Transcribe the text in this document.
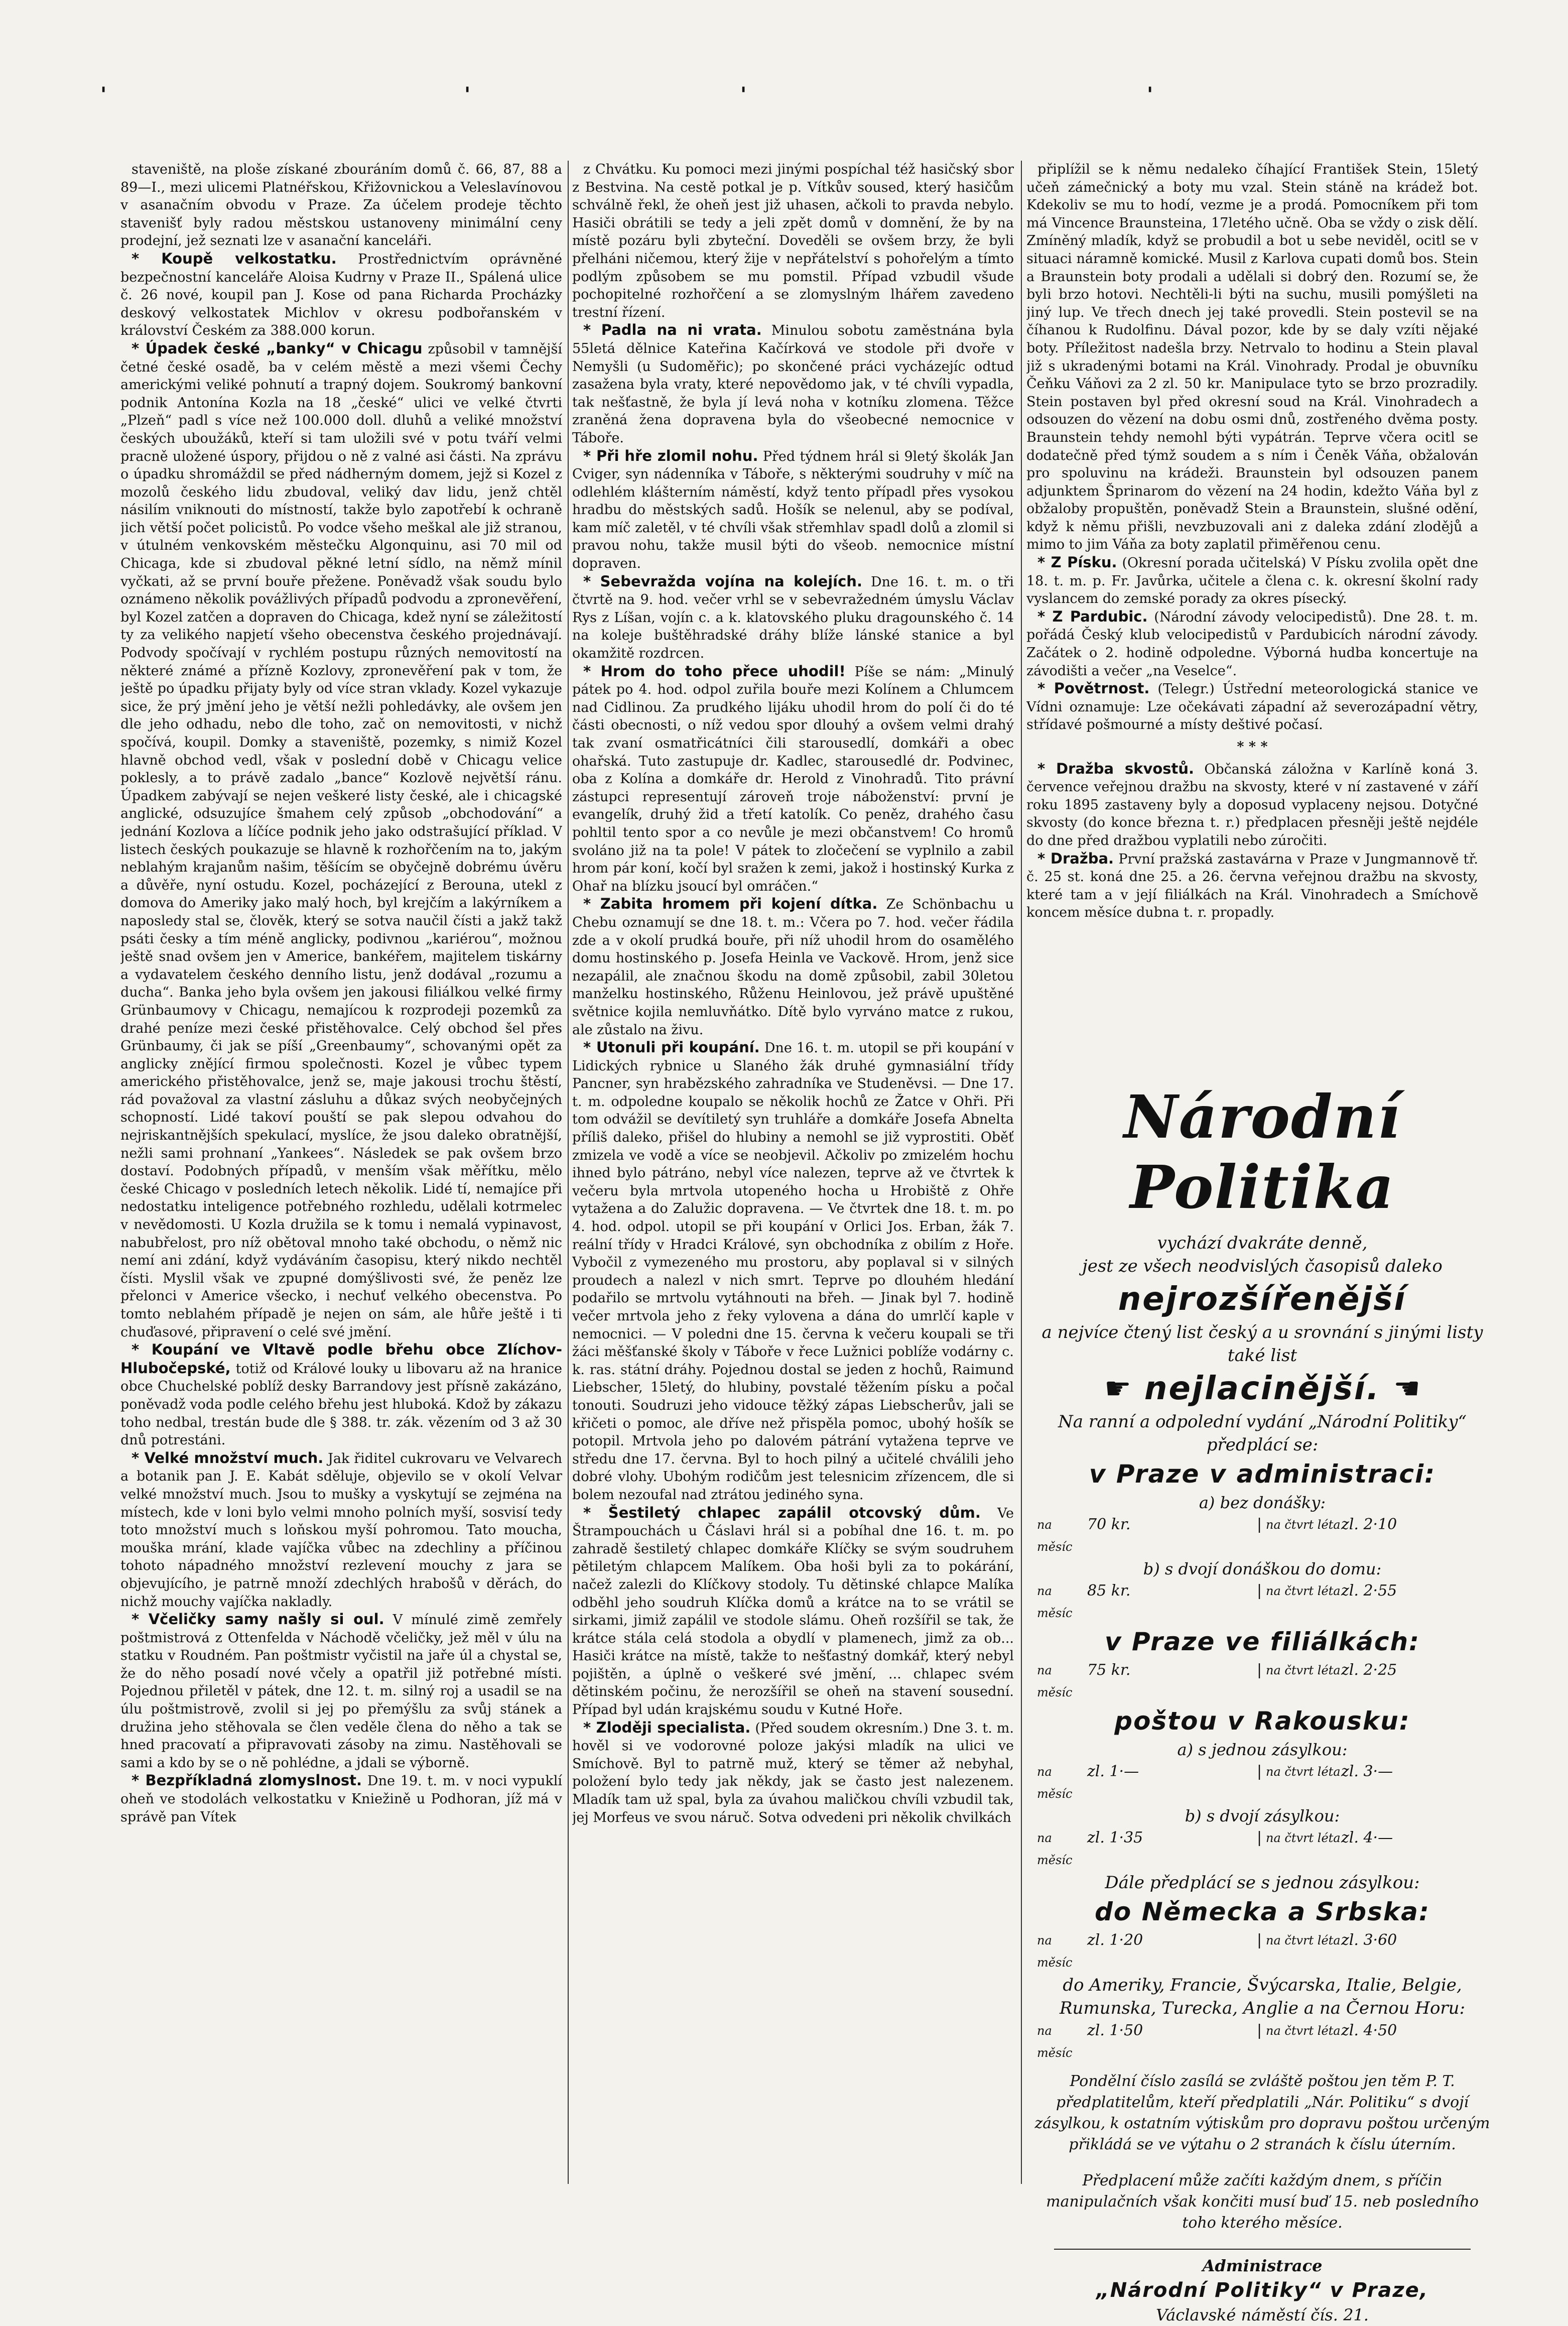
'	'	'	'

staveniště, na ploše získané zbouráním domů č. 66, 87, 88 a 89—I., mezi ulicemi Platnéřskou, Křižovnickou a Veleslavínovou v asanačním obvodu v Praze. Za účelem prodeje těchto stavenišť byly radou městskou ustanoveny minimální ceny prodejní, jež seznati lze v asanační kanceláři.

* Koupě velkostatku. Prostřednictvím oprávněné bezpečnostní kanceláře Aloisa Kudrny v Praze II., Spálená ulice č. 26 nové, koupil pan J. Kose od pana Richarda Procházky deskový velkostatek Michlov v okresu podbořanském v království Českém za 388.000 korun.

* Úpadek české „banky“ v Chicagu způsobil v tamnější četné české osadě, ba v celém městě a mezi všemi Čechy americkými veliké pohnutí a trapný dojem. Soukromý bankovní podnik Antonína Kozla na 18 „české“ ulici ve velké čtvrti „Plzeň“ padl s více než 100.000 doll. dluhů a veliké množství českých uboužáků, kteří si tam uložili své v potu tváří velmi pracně uložené úspory, přijdou o ně z valné asi části. Na zprávu o úpadku shromáždil se před nádherným domem, jejž si Kozel z mozolů českého lidu zbudoval, veliký dav lidu, jenž chtěl násilím vniknouti do místností, takže bylo zapotřebí k ochraně jich větší počet policistů. Po vodce všeho meškal ale již stranou, v útulném venkovském městečku Algonquinu, asi 70 mil od Chicaga, kde si zbudoval pěkné letní sídlo, na němž mínil vyčkati, až se první bouře přežene. Poněvadž však soudu bylo oznámeno několik povážlivých případů podvodu a zpronevěření, byl Kozel zatčen a dopraven do Chicaga, kdež nyní se záležitostí ty za velikého napjetí všeho obecenstva českého projednávají. Podvody spočívají v rychlém postupu různých nemovitostí na některé známé a přízně Kozlovy, zpronevěření pak v tom, že ještě po úpadku přijaty byly od více stran vklady. Kozel vykazuje sice, že prý jmění jeho je větší nežli pohledávky, ale ovšem jen dle jeho odhadu, nebo dle toho, zač on nemovitosti, v nichž spočívá, koupil. Domky a staveniště, pozemky, s nimiž Kozel hlavně obchod vedl, však v poslední době v Chicagu velice poklesly, a to právě zadalo „bance“ Kozlově největší ránu. Úpadkem zabývají se nejen veškeré listy české, ale i chicagské anglické, odsuzujíce šmahem celý způsob „obchodování“ a jednání Kozlova a líčíce podnik jeho jako odstrašující příklad. V listech českých poukazuje se hlavně k rozhořčením na to, jakým neblahým krajanům našim, těšícím se obyčejně dobrému úvěru a důvěře, nyní ostudu. Kozel, pocházející z Berouna, utekl z domova do Ameriky jako malý hoch, byl krejčím a lakýrníkem a naposledy stal se, člověk, který se sotva naučil čísti a jakž takž psáti česky a tím méně anglicky, podivnou „kariérou“, možnou ještě snad ovšem jen v Americe, bankéřem, majitelem tiskárny a vydavatelem českého denního listu, jenž dodával „rozumu a ducha“. Banka jeho byla ovšem jen jakousi filiálkou velké firmy Grünbaumovy v Chicagu, nemajícou k rozprodeji pozemků za drahé peníze mezi české přistěhovalce. Celý obchod šel přes Grünbaumy, či jak se píší „Greenbaumy“, schovanými opět za anglicky znějící firmou společnosti. Kozel je vůbec typem amerického přistěhovalce, jenž se, maje jakousi trochu štěstí, rád považoval za vlastní zásluhu a důkaz svých neobyčejných schopností. Lidé takoví pouští se pak slepou odvahou do nejriskantnějších spekulací, myslíce, že jsou daleko obratnější, nežli sami prohnaní „Yankees“. Následek se pak ovšem brzo dostaví. Podobných případů, v menším však měřítku, mělo české Chicago v posledních letech několik. Lidé tí, nemajíce při nedostatku inteligence potřebného rozhledu, udělali kotrmelec v nevědomosti. U Kozla družila se k tomu i nemalá vypinavost, nabubřelost, pro níž obětoval mnoho také obchodu, o němž nic nemí ani zdání, když vydáváním časopisu, který nikdo nechtěl čísti. Myslil však ve zpupné domýšlivosti své, že peněz lze přelonci v Americe všecko, i nechuť velkého obecenstva. Po tomto neblahém případě je nejen on sám, ale hůře ještě i ti chuďasové, připravení o celé své jmění.

* Koupání ve Vltavě podle břehu obce Zlíchov-Hlubočepské, totiž od Králové louky u libovaru až na hranice obce Chuchelské poblíž desky Barrandovy jest přísně zakázáno, poněvadž voda podle celého břehu jest hluboká. Kdož by zákazu toho nedbal, trestán bude dle § 388. tr. zák. vězením od 3 až 30 dnů potrestáni.

* Velké množství much. Jak řiditel cukrovaru ve Velvarech a botanik pan J. E. Kabát sděluje, objevilo se v okolí Velvar velké množství much. Jsou to mušky a vyskytují se zejména na místech, kde v loni bylo velmi mnoho polních myší, sosvisí tedy toto množství much s loňskou myší pohromou. Tato moucha, mouška mrání, klade vajíčka vůbec na zdechliny a příčinou tohoto nápadného množství rezlevení mouchy z jara se objevujícího, je patrně množí zdechlých hrabošů v děrách, do nichž mouchy vajíčka nakladly.

* Včeličky samy našly si oul. V mínulé zimě zemřely poštmistrová z Ottenfelda v Náchodě včeličky, jež měl v úlu na statku v Roudném. Pan poštmistr vyčistil na jaře úl a chystal se, že do něho posadí nové včely a opatřil již potřebné místi. Pojednou přiletěl v pátek, dne 12. t. m. silný roj a usadil se na úlu poštmistrově, zvolil si jej po přemýšlu za svůj stánek a družina jeho stěhovala se člen veděle člena do něho a tak se hned pracovatí a připravovati zásoby na zimu. Nastěhovali se sami a kdo by se o ně pohlédne, a jdali se výborně.

* Bezpříkladná zlomyslnost. Dne 19. t. m. v noci vypuklí oheň ve stodolách velkostatku v Kniežině u Podhoran, jíž má v správě pan Vítek

z Chvátku. Ku pomoci mezi jinými pospíchal též hasičský sbor z Bestvina. Na cestě potkal je p. Vítkův soused, který hasičům schválně řekl, že oheň jest již uhasen, ačkoli to pravda nebylo. Hasiči obrátili se tedy a jeli zpět domů v domnění, že by na místě pozáru byli zbyteční. Doveděli se ovšem brzy, že byli přelháni ničemou, který žije v nepřátelství s pohořelým a tímto podlým způsobem se mu pomstil. Případ vzbudil všude pochopitelné rozhořčení a se zlomyslným lhářem zavedeno trestní řízení.

* Padla na ni vrata. Minulou sobotu zaměstnána byla 55letá dělnice Kateřina Kačírková ve stodole při dvoře v Nemyšli (u Sudoměřic); po skončené práci vycházejíc odtud zasažena byla vraty, které nepovědomo jak, v té chvíli vypadla, tak nešťastně, že byla jí levá noha v kotníku zlomena. Těžce zraněná žena dopravena byla do všeobecné nemocnice v Táboře.

* Při hře zlomil nohu. Před týdnem hrál si 9letý školák Jan Cviger, syn nádenníka v Táboře, s některými soudruhy v míč na odlehlém klášterním náměstí, když tento případl přes vysokou hradbu do městských sadů. Hošík se nelenul, aby se podíval, kam míč zaletěl, v té chvíli však střemhlav spadl dolů a zlomil si pravou nohu, takže musil býti do všeob. nemocnice místní dopraven.

* Sebevražda vojína na kolejích. Dne 16. t. m. o tři čtvrtě na 9. hod. večer vrhl se v sebevražedném úmyslu Václav Rys z Líšan, vojín c. a k. klatovského pluku dragounského č. 14 na koleje buštěhradské dráhy blíže lánské stanice a byl okamžitě rozdrcen.

* Hrom do toho přece uhodil! Píše se nám: „Minulý pátek po 4. hod. odpol zuřila bouře mezi Kolínem a Chlumcem nad Cidlinou. Za prudkého lijáku uhodil hrom do polí či do té části obecnosti, o níž vedou spor dlouhý a ovšem velmi drahý tak zvaní osmatřicátníci čili starousedlí, domkáři a obec ohařská. Tuto zastupuje dr. Kadlec, starousedlé dr. Podvinec, oba z Kolína a domkáře dr. Herold z Vinohradů. Tito právní zástupci representují zároveň troje náboženství: první je evangelík, druhý žid a třetí katolík. Co peněz, drahého času pohltil tento spor a co nevůle je mezi občanstvem! Co hromů svoláno již na ta pole! V pátek to zločečení se vyplnilo a zabil hrom pár koní, kočí byl sražen k zemi, jakož i hostinský Kurka z Ohař na blízku jsoucí byl omráčen.“

* Zabita hromem při kojení dítka. Ze Schönbachu u Chebu oznamují se dne 18. t. m.: Včera po 7. hod. večer řádila zde a v okolí prudká bouře, při níž uhodil hrom do osamělého domu hostinského p. Josefa Heinla ve Vackově. Hrom, jenž sice nezapálil, ale značnou škodu na domě způsobil, zabil 30letou manželku hostinského, Růženu Heinlovou, jež právě upuštěné světnice kojila nemluvňátko. Dítě bylo vyrváno matce z rukou, ale zůstalo na živu.

* Utonuli při koupání. Dne 16. t. m. utopil se při koupání v Lidických rybnice u Slaného žák druhé gymnasiální třídy Pancner, syn hrabězského zahradníka ve Studeněvsi. — Dne 17. t. m. odpoledne koupalo se několik hochů ze Žatce v Ohři. Při tom odvážil se devítiletý syn truhláře a domkáře Josefa Abnelta příliš daleko, přišel do hlubiny a nemohl se již vyprostiti. Oběť zmizela ve vodě a více se neobjevil. Ačkoliv po zmizelém hochu ihned bylo pátráno, nebyl více nalezen, teprve až ve čtvrtek k večeru byla mrtvola utopeného hocha u Hrobiště z Ohře vytažena a do Zalužic dopravena. — Ve čtvrtek dne 18. t. m. po 4. hod. odpol. utopil se při koupání v Orlici Jos. Erban, žák 7. reální třídy v Hradci Králové, syn obchodníka z obilím z Hoře. Vybočil z vymezeného mu prostoru, aby poplaval si v silných proudech a nalezl v nich smrt. Teprve po dlouhém hledání podařilo se mrtvolu vytáhnouti na břeh. — Jinak byl 7. hodině večer mrtvola jeho z řeky vylovena a dána do umrlčí kaple v nemocnici. — V poledni dne 15. června k večeru koupali se tři žáci měšťanské školy v Táboře v řece Lužnici poblíže vodárny c. k. ras. státní dráhy. Pojednou dostal se jeden z hochů, Raimund Liebscher, 15letý, do hlubiny, povstalé těžením písku a počal tonouti. Soudruzi jeho vidouce těžký zápas Liebscherův, jali se křičeti o pomoc, ale dříve než přispěla pomoc, ubohý hošík se potopil. Mrtvola jeho po dalovém pátrání vytažena teprve ve středu dne 17. června. Byl to hoch pilný a učitelé chválili jeho dobré vlohy. Ubohým rodičům jest telesnicim zřízencem, dle si bolem nezoufal nad ztrátou jediného syna.

* Šestiletý chlapec zapálil otcovský dům. Ve Štrampouchách u Čáslavi hrál si a pobíhal dne 16. t. m. po zahradě šestiletý chlapec domkáře Klíčky se svým soudruhem pětiletým chlapcem Malíkem. Oba hoši byli za to pokárání, načež zalezli do Klíčkovy stodoly. Tu dětinské chlapce Malíka odběhl jeho soudruh Klíčka domů a krátce na to se vrátil se sirkami, jimiž zapálil ve stodole slámu. Oheň rozšířil se tak, že krátce stála celá stodola a obydlí v plamenech, jimž za ob... Hasiči krátce na místě, takže to nešťastný domkář, který nebyl pojištěn, a úplně o veškeré své jmění, ... chlapec svém dětinském počinu, že nerozšířil se oheň na stavení sousední. Případ byl udán krajskému soudu v Kutné Hoře.

* Zloději specialista. (Před soudem okresním.) Dne 3. t. m. hověl si ve vodorovné poloze jakýsi mladík na ulici ve Smíchově. Byl to patrně muž, který se těmer až nebyhal, položení bylo tedy jak někdy, jak se často jest nalezenem. Mladík tam už spal, byla za úvahou maličkou chvíli vzbudil tak, jej Morfeus ve svou náruč. Sotva odvedeni pri několik chvilkách

připlížil se k němu nedaleko číhající František Stein, 15letý učeň zámečnický a boty mu vzal. Stein stáně na krádež bot. Kdekoliv se mu to hodí, vezme je a prodá. Pomocníkem při tom má Vincence Braunsteina, 17letého učně. Oba se vždy o zisk dělí. Zmíněný mladík, když se probudil a bot u sebe neviděl, ocitl se v situaci náramně komické. Musil z Karlova cupati domů bos. Stein a Braunstein boty prodali a udělali si dobrý den. Rozumí se, že byli brzo hotovi. Nechtěli-li býti na suchu, musili pomýšleti na jiný lup. Ve třech dnech jej také provedli. Stein postevil se na číhanou k Rudolfinu. Dával pozor, kde by se daly vzíti nějaké boty. Příležitost nadešla brzy. Netrvalo to hodinu a Stein plaval již s ukradenými botami na Král. Vinohrady. Prodal je obuvníku Čeňku Váňovi za 2 zl. 50 kr. Manipulace tyto se brzo prozradily. Stein postaven byl před okresní soud na Král. Vinohradech a odsouzen do vězení na dobu osmi dnů, zostřeného dvěma posty. Braunstein tehdy nemohl býti vypátrán. Teprve včera ocitl se dodatečně před týmž soudem a s ním i Čeněk Váňa, obžalován pro spoluvinu na krádeži. Braunstein byl odsouzen panem adjunktem Šprinarom do vězení na 24 hodin, kdežto Váňa byl z obžaloby propuštěn, poněvadž Stein a Braunstein, slušné odění, když k němu přišli, nevzbuzovali ani z daleka zdání zlodějů a mimo to jim Váňa za boty zaplatil přiměřenou cenu.

* Z Písku. (Okresní porada učitelská) V Písku zvolila opět dne 18. t. m. p. Fr. Javůrka, učitele a člena c. k. okresní školní rady vyslancem do zemské porady za okres písecký.

* Z Pardubic. (Národní závody velocipedistů). Dne 28. t. m. pořádá Český klub velocipedistů v Pardubicích národní závody. Začátek o 2. hodině odpoledne. Výborná hudba koncertuje na závodišti a večer „na Veselce“.

* Povětrnost. (Telegr.) Ústřední meteorologická stanice ve Vídni oznamuje: Lze očekávati západní až severozápadní větry, střídavé pošmourné a místy deštivé počasí.

* * *

* Dražba skvostů. Občanská záložna v Karlíně koná 3. července veřejnou dražbu na skvosty, které v ní zastavené v září roku 1895 zastaveny byly a doposud vyplaceny nejsou. Dotyčné skvosty (do konce března t. r.) předplacen přesněji ještě nejdéle do dne před dražbou vyplatili nebo zúročiti.

* Dražba. První pražská zastavárna v Praze v Jungmannově tř. č. 25 st. koná dne 25. a 26. června veřejnou dražbu na skvosty, které tam a v její filiálkách na Král. Vinohradech a Smíchově koncem měsíce dubna t. r. propadly.

Národní Politika

vychází dvakráte denně,

jest ze všech neodvislých časopisů daleko

nejrozšířenější

a nejvíce čtený list český a u srovnání s jinými listy také list

☛ nejlacinější. ☚

Na ranní a odpolední vydání „Národní Politiky“ předplácí se:

v Praze v administraci:
a) bez donášky:
na měsíc
70 kr.	| na čtvrt léta zl. 2·10
b) s dvojí donáškou do domu:
na měsíc
85 kr.	| na čtvrt léta zl. 2·55
v Praze ve filiálkách:
na měsíc
75 kr.	| na čtvrt léta zl. 2·25
poštou v Rakousku:
a) s jednou zásylkou:
na měsíc
zl. 1·—	| na čtvrt léta zl. 3·—
b) s dvojí zásylkou:
na měsíc
zl. 1·35	| na čtvrt léta zl. 4·—

Dále předplácí se s jednou zásylkou:

do Německa a Srbska:
na měsíc
zl. 1·20	| na čtvrt léta zl. 3·60

do Ameriky, Francie, Švýcarska, Italie, Belgie, Rumunska, Turecka, Anglie a na Černou Horu:

na měsíc
zl. 1·50	| na čtvrt léta zl. 4·50

Pondělní číslo zasílá se zvláště poštou jen těm P. T. předplatitelům, kteří předplatili „Nár. Politiku“ s dvojí zásylkou, k ostatním výtiskům pro dopravu poštou určeným přikládá se ve výtahu o 2 stranách k číslu úterním.

Předplacení může začíti každým dnem, s příčin manipulačních však končiti musí buď 15. neb posledního toho kterého měsíce.

Administrace
„Národní Politiky“ v Praze,
Václavské náměstí čís. 21.
